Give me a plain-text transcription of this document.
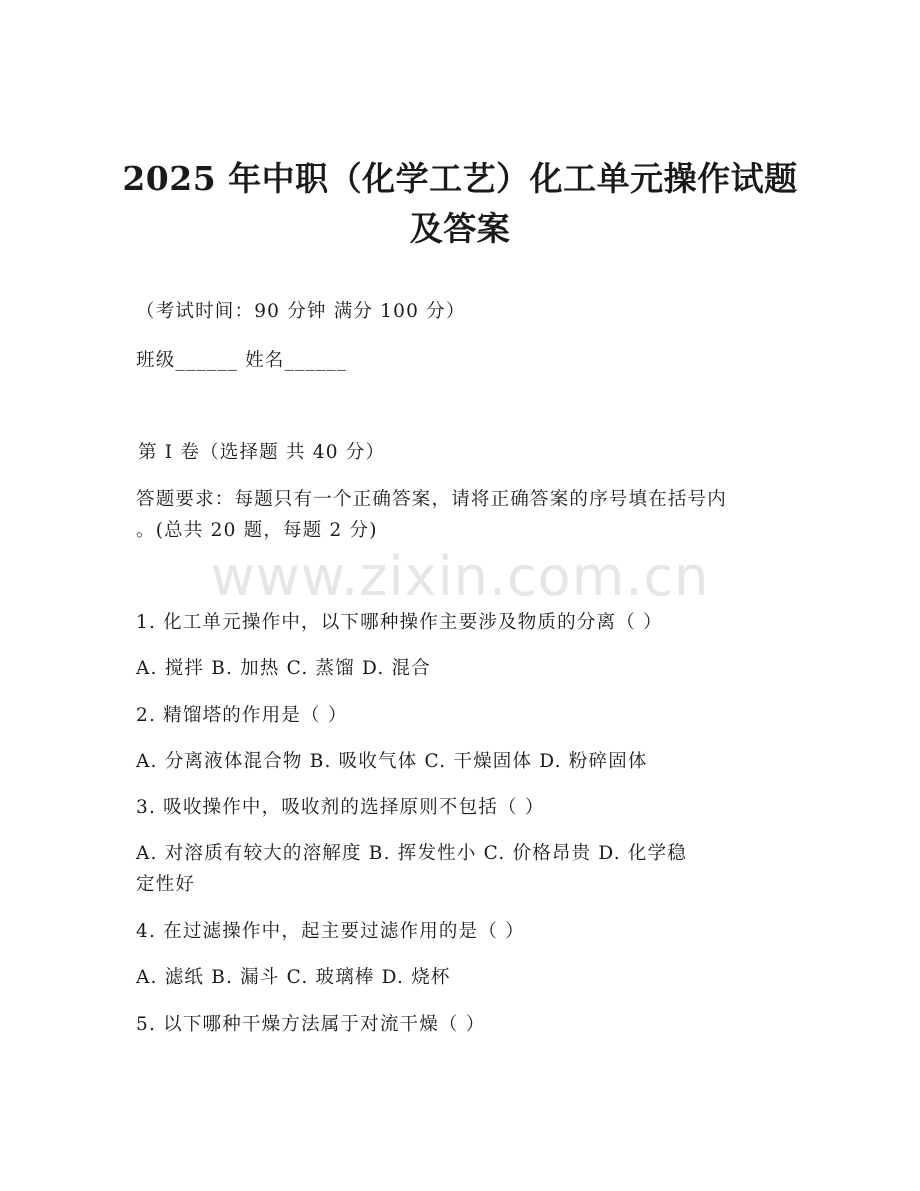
2025 年中职（化学工艺）化工单元操作试题
及答案
（考试时间：90 分钟 满分 100 分）
班级______ 姓名______
第 I 卷（选择题 共 40 分）
答题要求：每题只有一个正确答案，请将正确答案的序号填在括号内
。(总共 20 题，每题 2 分)
www.zixin.com.cn
1. 化工单元操作中，以下哪种操作主要涉及物质的分离（ ）
A. 搅拌 B. 加热 C. 蒸馏 D. 混合
2. 精馏塔的作用是（ ）
A. 分离液体混合物 B. 吸收气体 C. 干燥固体 D. 粉碎固体
3. 吸收操作中，吸收剂的选择原则不包括（ ）
A. 对溶质有较大的溶解度 B. 挥发性小 C. 价格昂贵 D. 化学稳
定性好
4. 在过滤操作中，起主要过滤作用的是（ ）
A. 滤纸 B. 漏斗 C. 玻璃棒 D. 烧杯
5. 以下哪种干燥方法属于对流干燥（ ）
